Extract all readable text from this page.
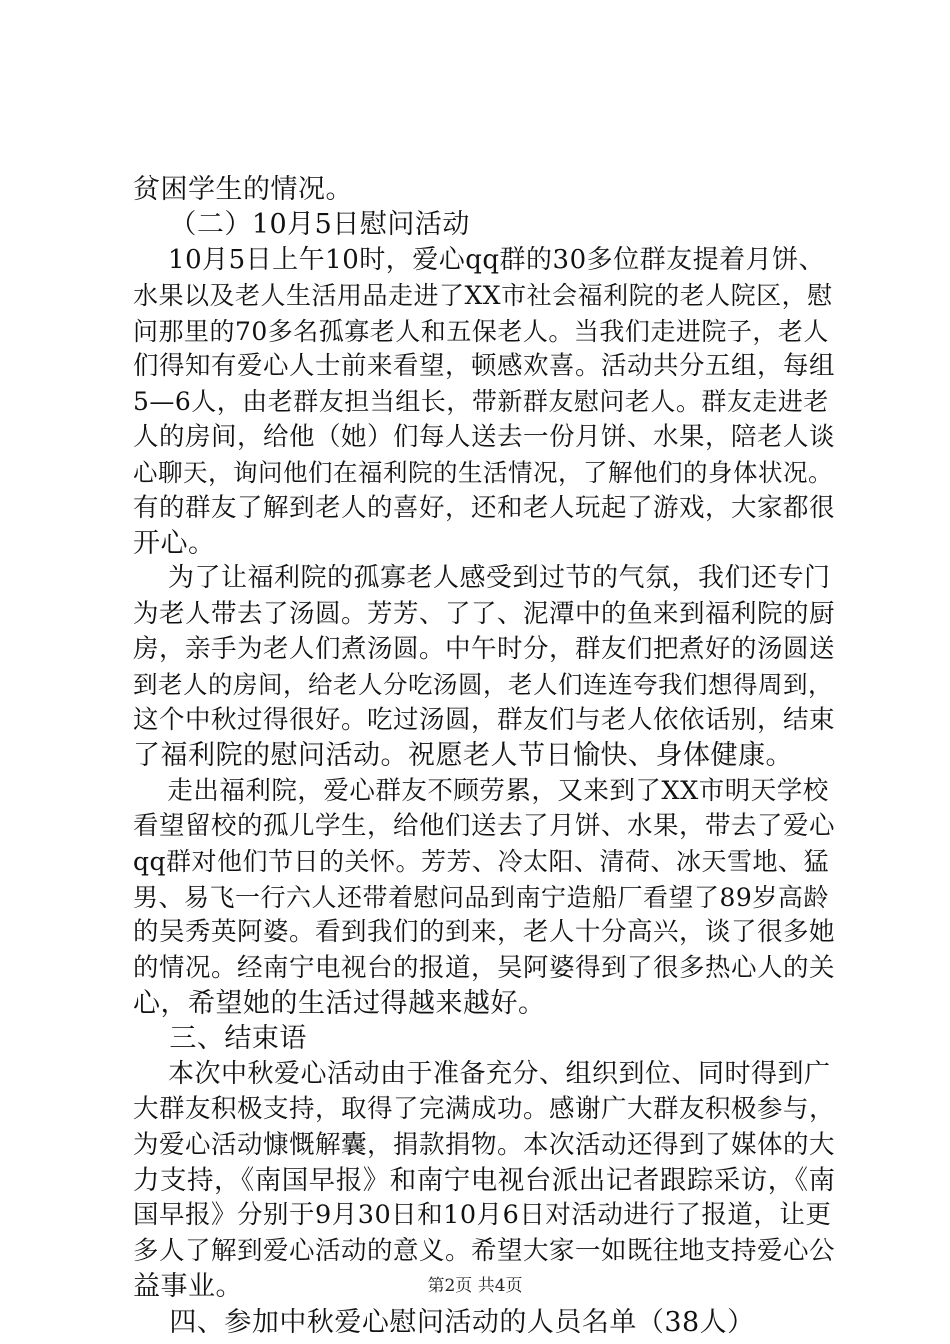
贫困学生的情况。
（二）10月5日慰问活动
10月5日上午10时，爱心qq群的30多位群友提着月饼、
水果以及老人生活用品走进了XX市社会福利院的老人院区，慰
问那里的70多名孤寡老人和五保老人。当我们走进院子，老人
们得知有爱心人士前来看望，顿感欢喜。活动共分五组，每组
5—6人，由老群友担当组长，带新群友慰问老人。群友走进老
人的房间，给他（她）们每人送去一份月饼、水果，陪老人谈
心聊天，询问他们在福利院的生活情况，了解他们的身体状况。
有的群友了解到老人的喜好，还和老人玩起了游戏，大家都很
开心。
为了让福利院的孤寡老人感受到过节的气氛，我们还专门
为老人带去了汤圆。芳芳、了了、泥潭中的鱼来到福利院的厨
房，亲手为老人们煮汤圆。中午时分，群友们把煮好的汤圆送
到老人的房间，给老人分吃汤圆，老人们连连夸我们想得周到，
这个中秋过得很好。吃过汤圆，群友们与老人依依话别，结束
了福利院的慰问活动。祝愿老人节日愉快、身体健康。
走出福利院，爱心群友不顾劳累，又来到了XX市明天学校
看望留校的孤儿学生，给他们送去了月饼、水果，带去了爱心
qq群对他们节日的关怀。芳芳、冷太阳、清荷、冰天雪地、猛
男、易飞一行六人还带着慰问品到南宁造船厂看望了89岁高龄
的吴秀英阿婆。看到我们的到来，老人十分高兴，谈了很多她
的情况。经南宁电视台的报道，吴阿婆得到了很多热心人的关
心，希望她的生活过得越来越好。
三、结束语
本次中秋爱心活动由于准备充分、组织到位、同时得到广
大群友积极支持，取得了完满成功。感谢广大群友积极参与，
为爱心活动慷慨解囊，捐款捐物。本次活动还得到了媒体的大
力支持，《南国早报》和南宁电视台派出记者跟踪采访，《南
国早报》分别于9月30日和10月6日对活动进行了报道，让更
多人了解到爱心活动的意义。希望大家一如既往地支持爱心公
益事业。
四、参加中秋爱心慰问活动的人员名单（38人）
第2页 共4页
